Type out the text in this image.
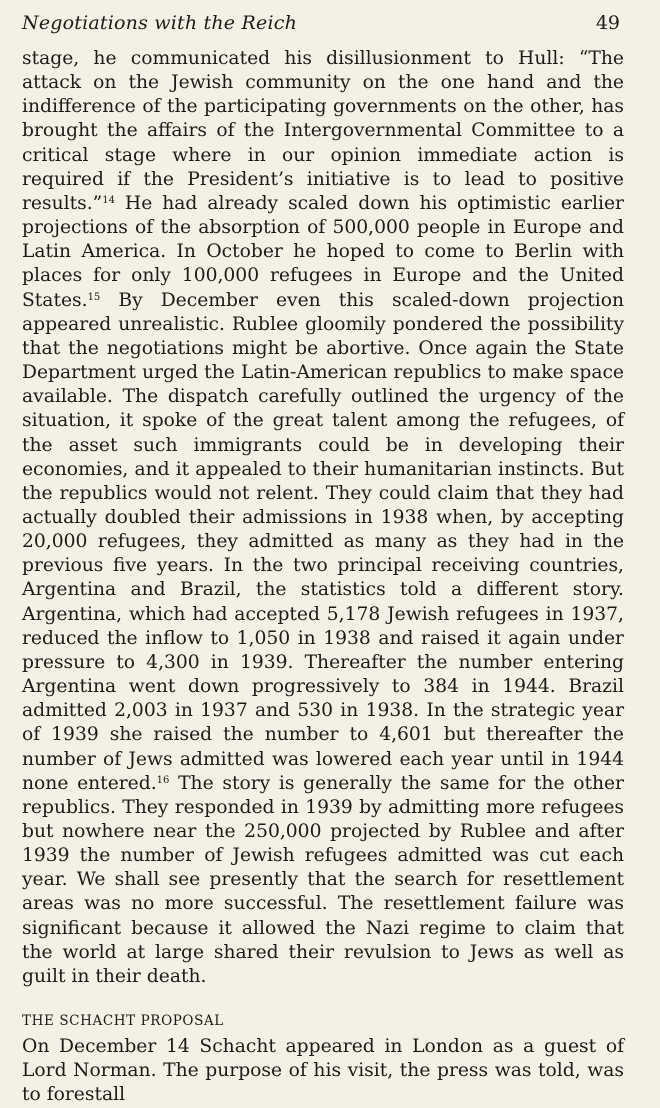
Negotiations with the Reich	49

stage, he communicated his disillusionment to Hull: “The attack on the Jewish community on the one hand and the indifference of the participating governments on the other, has brought the affairs of the Intergovernmental Committee to a critical stage where in our opinion immediate action is required if the President’s initiative is to lead to positive results.”$^{14}$ He had already scaled down his optimistic earlier projections of the absorption of 500,000 people in Europe and Latin America. In October he hoped to come to Berlin with places for only 100,000 refugees in Europe and the United States.$^{15}$ By December even this scaled-down projection appeared unrealistic. Rublee gloomily pondered the possibility that the negotiations might be abortive. Once again the State Department urged the Latin-American republics to make space available. The dispatch carefully outlined the urgency of the situation, it spoke of the great talent among the refugees, of the asset such immigrants could be in developing their economies, and it appealed to their humanitarian instincts. But the republics would not relent. They could claim that they had actually doubled their admissions in 1938 when, by accepting 20,000 refugees, they admitted as many as they had in the previous five years. In the two principal receiving countries, Argentina and Brazil, the statistics told a different story. Argentina, which had accepted 5,178 Jewish refugees in 1937, reduced the inflow to 1,050 in 1938 and raised it again under pressure to 4,300 in 1939. Thereafter the number entering Argentina went down progressively to 384 in 1944. Brazil admitted 2,003 in 1937 and 530 in 1938. In the strategic year of 1939 she raised the number to 4,601 but thereafter the number of Jews admitted was lowered each year until in 1944 none entered.$^{16}$ The story is generally the same for the other republics. They responded in 1939 by admitting more refugees but nowhere near the 250,000 projected by Rublee and after 1939 the number of Jewish refugees admitted was cut each year. We shall see presently that the search for resettlement areas was no more successful. The resettlement failure was significant because it allowed the Nazi regime to claim that the world at large shared their revulsion to Jews as well as guilt in their death.

THE SCHACHT PROPOSAL

On December 14 Schacht appeared in London as a guest of Lord Norman. The purpose of his visit, the press was told, was to forestall
